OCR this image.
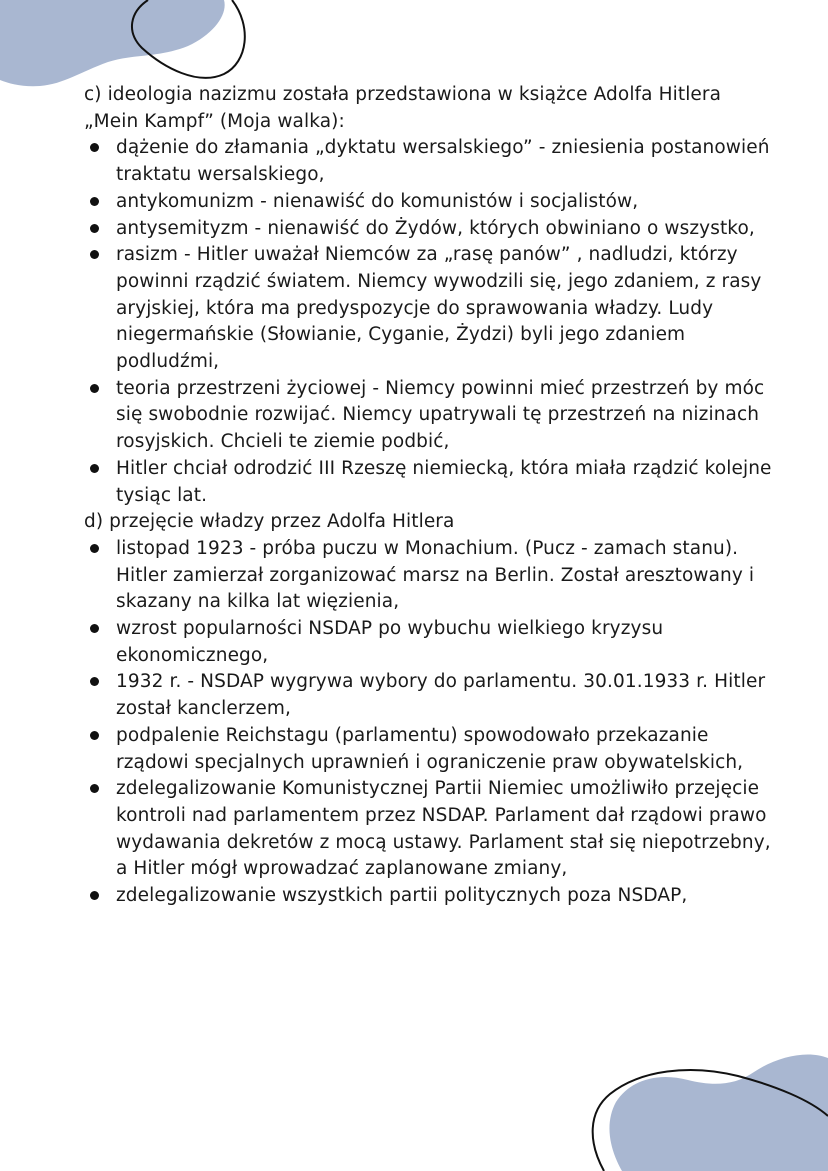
c) ideologia nazizmu została przedstawiona w książce Adolfa Hitlera „Mein Kampf” (Moja walka):

dążenie do złamania „dyktatu wersalskiego” - zniesienia postanowień traktatu wersalskiego,
antykomunizm - nienawiść do komunistów i socjalistów,
antysemityzm - nienawiść do Żydów, których obwiniano o wszystko,
rasizm - Hitler uważał Niemców za „rasę panów” , nadludzi, którzy powinni rządzić światem. Niemcy wywodzili się, jego zdaniem, z rasy aryjskiej, która ma predyspozycje do sprawowania władzy. Ludy niegermańskie (Słowianie, Cyganie, Żydzi) byli jego zdaniem podludźmi,
teoria przestrzeni życiowej - Niemcy powinni mieć przestrzeń by móc się swobodnie rozwijać. Niemcy upatrywali tę przestrzeń na nizinach rosyjskich. Chcieli te ziemie podbić,
Hitler chciał odrodzić III Rzeszę niemiecką, która miała rządzić kolejne tysiąc lat.

d) przejęcie władzy przez Adolfa Hitlera

listopad 1923 - próba puczu w Monachium. (Pucz - zamach stanu). Hitler zamierzał zorganizować marsz na Berlin. Został aresztowany i skazany na kilka lat więzienia,
wzrost popularności NSDAP po wybuchu wielkiego kryzysu ekonomicznego,
1932 r. - NSDAP wygrywa wybory do parlamentu. 30.01.1933 r. Hitler został kanclerzem,
podpalenie Reichstagu (parlamentu) spowodowało przekazanie rządowi specjalnych uprawnień i ograniczenie praw obywatelskich,
zdelegalizowanie Komunistycznej Partii Niemiec umożliwiło przejęcie kontroli nad parlamentem przez NSDAP. Parlament dał rządowi prawo wydawania dekretów z mocą ustawy. Parlament stał się niepotrzebny, a Hitler mógł wprowadzać zaplanowane zmiany,
zdelegalizowanie wszystkich partii politycznych poza NSDAP,
